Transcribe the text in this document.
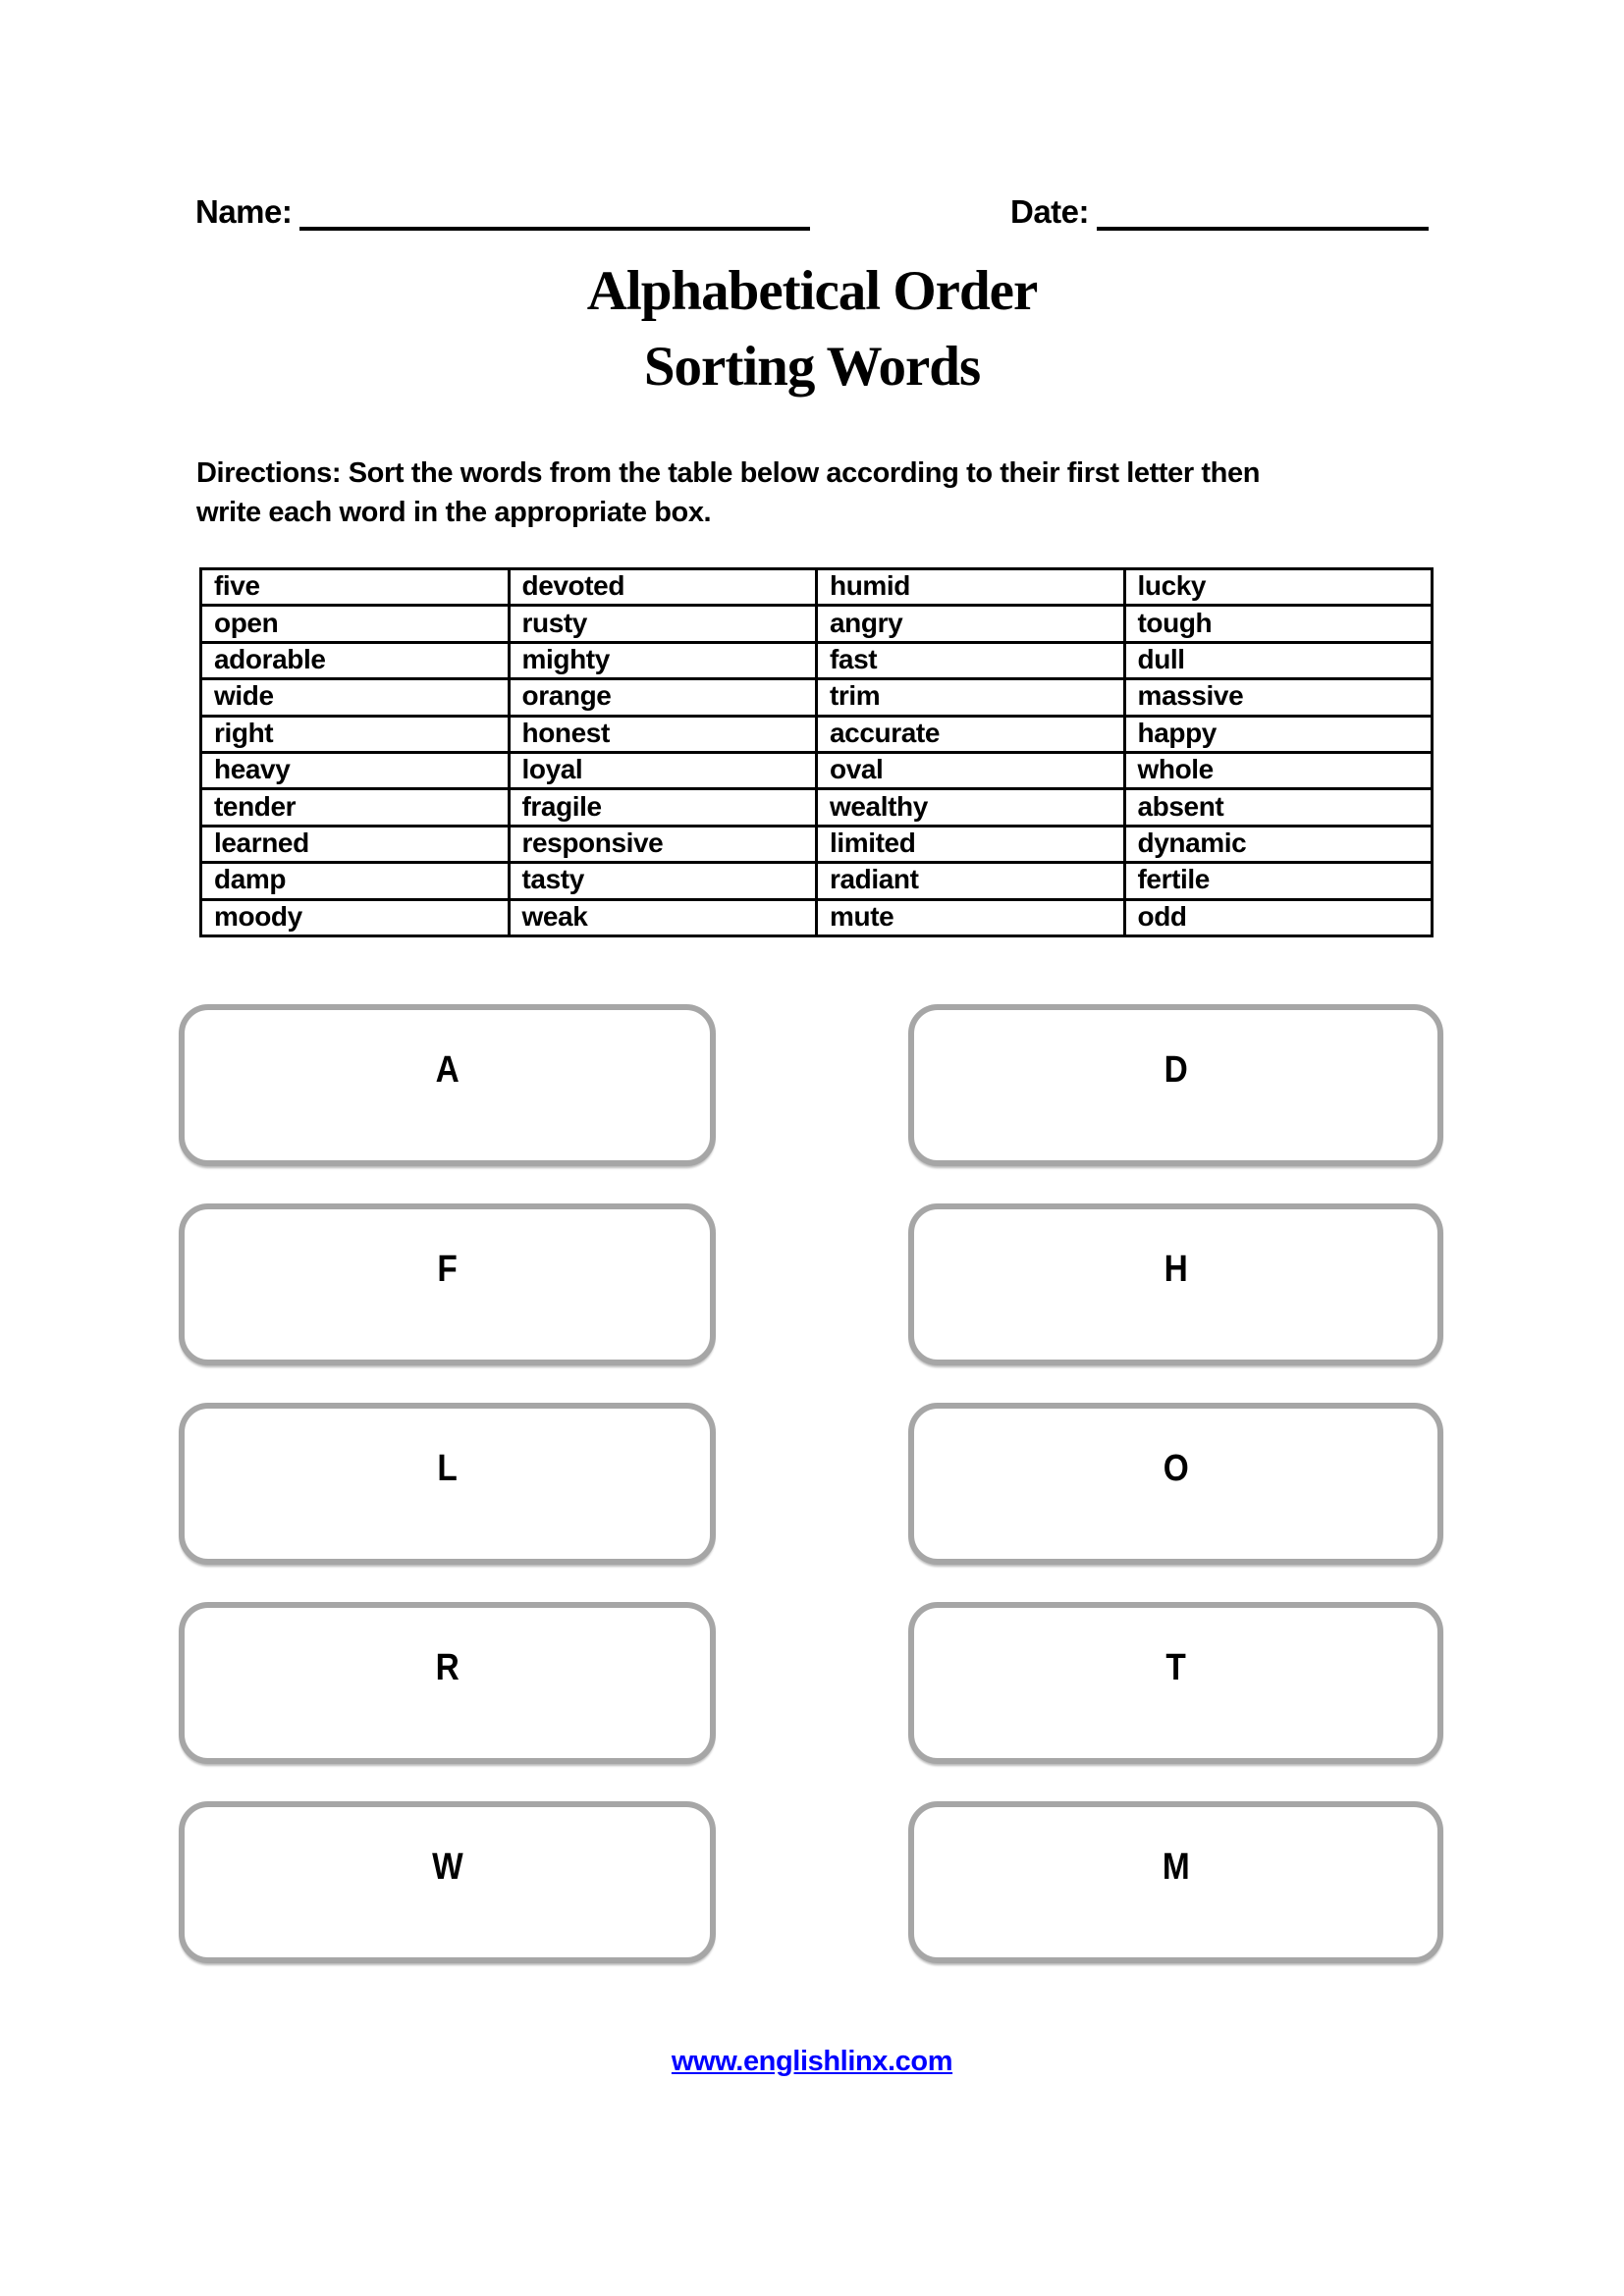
Name:	Date:
Alphabetical Order
Sorting Words

Directions: Sort the words from the table below according to their first letter then
write each word in the appropriate box.

five	devoted	humid	lucky
open	rusty	angry	tough
adorable	mighty	fast	dull
wide	orange	trim	massive
right	honest	accurate	happy
heavy	loyal	oval	whole
tender	fragile	wealthy	absent
learned	responsive	limited	dynamic
damp	tasty	radiant	fertile
moody	weak	mute	odd
A	D
F	H
L	O
R	T
W	M
www.englishlinx.com
